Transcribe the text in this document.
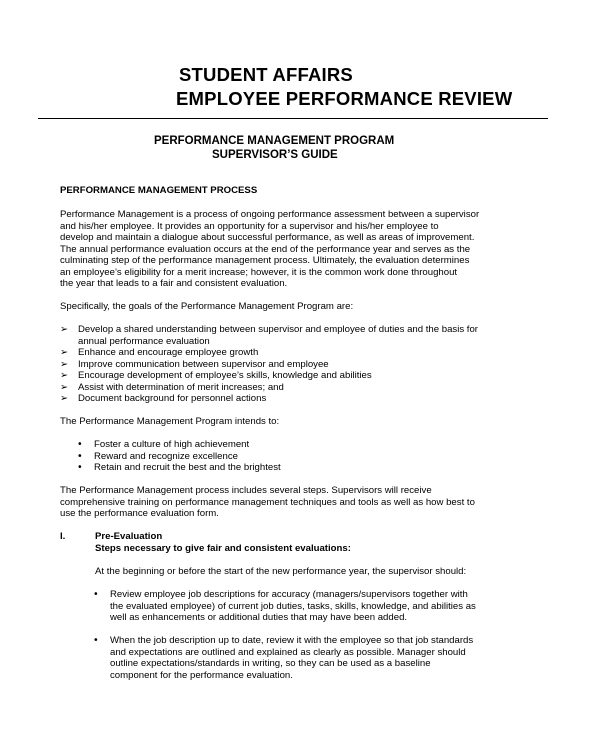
STUDENT AFFAIRS
EMPLOYEE PERFORMANCE REVIEW
PERFORMANCE MANAGEMENT PROGRAM
SUPERVISOR’S GUIDE
PERFORMANCE MANAGEMENT PROCESS
Performance Management is a process of ongoing performance assessment between a supervisor
and his/her employee. It provides an opportunity for a supervisor and his/her employee to
develop and maintain a dialogue about successful performance, as well as areas of improvement.
The annual performance evaluation occurs at the end of the performance year and serves as the
culminating step of the performance management process. Ultimately, the evaluation determines
an employee’s eligibility for a merit increase; however, it is the common work done throughout
the year that leads to a fair and consistent evaluation.
Specifically, the goals of the Performance Management Program are:
➢ Develop a shared understanding between supervisor and employee of duties and the basis for
annual performance evaluation
➢ Enhance and encourage employee growth
➢ Improve communication between supervisor and employee
➢ Encourage development of employee’s skills, knowledge and abilities
➢ Assist with determination of merit increases; and
➢ Document background for personnel actions
The Performance Management Program intends to:
• Foster a culture of high achievement
• Reward and recognize excellence
• Retain and recruit the best and the brightest
The Performance Management process includes several steps. Supervisors will receive
comprehensive training on performance management techniques and tools as well as how best to
use the performance evaluation form.
I.	Pre-Evaluation
Steps necessary to give fair and consistent evaluations:
At the beginning or before the start of the new performance year, the supervisor should:
• Review employee job descriptions for accuracy (managers/supervisors together with
the evaluated employee) of current job duties, tasks, skills, knowledge, and abilities as
well as enhancements or additional duties that may have been added.
• When the job description up to date, review it with the employee so that job standards
and expectations are outlined and explained as clearly as possible. Manager should
outline expectations/standards in writing, so they can be used as a baseline
component for the performance evaluation.
